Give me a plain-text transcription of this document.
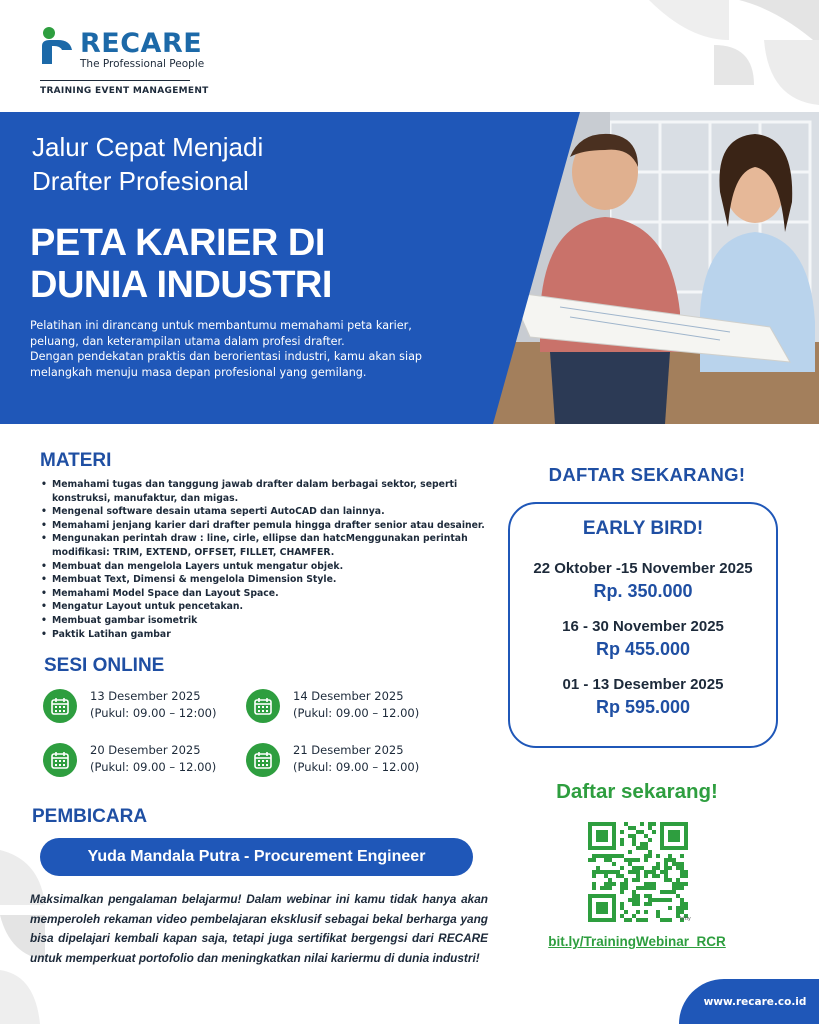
RECARE
The Professional People
TRAINING EVENT MANAGEMENT
Jalur Cepat Menjadi
Drafter Profesional
PETA KARIER DI
DUNIA INDUSTRI

Pelatihan ini dirancang untuk membantumu memahami peta karier, peluang, dan keterampilan utama dalam profesi drafter.

Dengan pendekatan praktis dan berorientasi industri, kamu akan siap melangkah menuju masa depan profesional yang gemilang.

MATERI
• Memahami tugas dan tanggung jawab drafter dalam berbagai sektor, seperti konstruksi, manufaktur, dan migas.
• Mengenal software desain utama seperti AutoCAD dan lainnya.
• Memahami jenjang karier dari drafter pemula hingga drafter senior atau desainer.
• Mengunakan perintah draw : line, cirle, ellipse dan hatcMenggunakan perintah modifikasi: TRIM, EXTEND, OFFSET, FILLET, CHAMFER.
• Membuat dan mengelola Layers untuk mengatur objek.
• Membuat Text, Dimensi & mengelola Dimension Style.
• Memahami Model Space dan Layout Space.
• Mengatur Layout untuk pencetakan.
• Membuat gambar isometrik
• Paktik Latihan gambar
SESI ONLINE
13 Desember 2025
(Pukul: 09.00 – 12:00)
14 Desember 2025
(Pukul: 09.00 – 12.00)
20 Desember 2025
(Pukul: 09.00 – 12.00)
21 Desember 2025
(Pukul: 09.00 – 12.00)
PEMBICARA
Yuda Mandala Putra - Procurement Engineer
Maksimalkan pengalaman belajarmu! Dalam webinar ini kamu tidak hanya akan memperoleh rekaman video pembelajaran eksklusif sebagai bekal berharga yang bisa dipelajari kembali kapan saja, tetapi juga sertifikat bergengsi dari RECARE untuk memperkuat portofolio dan meningkatkan nilai kariermu di dunia industri!
DAFTAR SEKARANG!
EARLY BIRD!
22 Oktober -15 November 2025
Rp. 350.000
16 - 30 November 2025
Rp 455.000
01 - 13 Desember 2025
Rp 595.000
Daftar sekarang!
bitly
bit.ly/TrainingWebinar_RCR
www.recare.co.id
